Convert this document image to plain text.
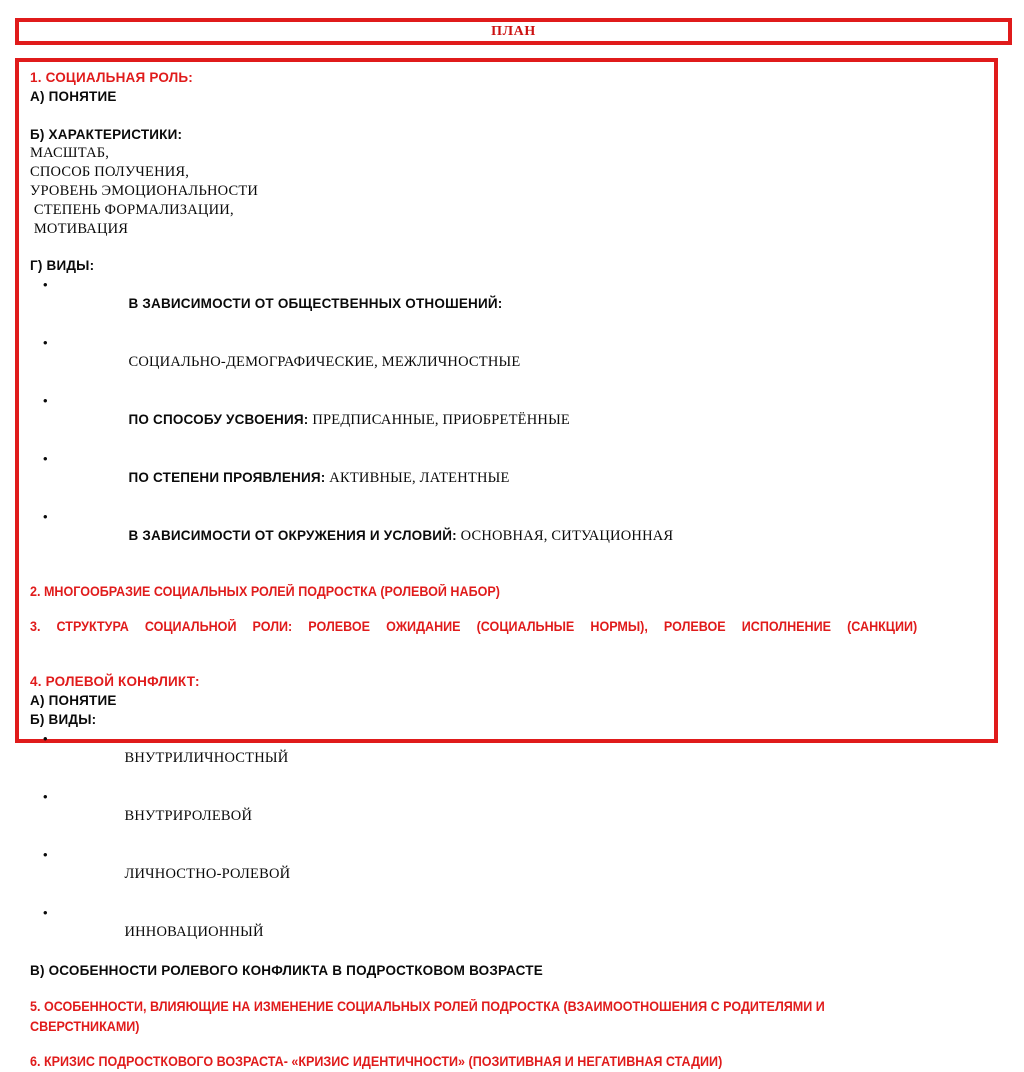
ПЛАН
1. СОЦИАЛЬНАЯ РОЛЬ:
А) ПОНЯТИЕ
Б) ХАРАКТЕРИСТИКИ:
МАСШТАБ,
СПОСОБ ПОЛУЧЕНИЯ,
УРОВЕНЬ ЭМОЦИОНАЛЬНОСТИ
СТЕПЕНЬ ФОРМАЛИЗАЦИИ,
МОТИВАЦИЯ
Г) ВИДЫ:

•
В ЗАВИСИМОСТИ ОТ ОБЩЕСТВЕННЫХ ОТНОШЕНИЙ:

•
СОЦИАЛЬНО-ДЕМОГРАФИЧЕСКИЕ, МЕЖЛИЧНОСТНЫЕ

•
ПО СПОСОБУ УСВОЕНИЯ: ПРЕДПИСАННЫЕ, ПРИОБРЕТЁННЫЕ

•
ПО СТЕПЕНИ ПРОЯВЛЕНИЯ: АКТИВНЫЕ, ЛАТЕНТНЫЕ

•
В ЗАВИСИМОСТИ ОТ ОКРУЖЕНИЯ И УСЛОВИЙ: ОСНОВНАЯ, СИТУАЦИОННАЯ

2. МНОГООБРАЗИЕ СОЦИАЛЬНЫХ РОЛЕЙ ПОДРОСТКА (РОЛЕВОЙ НАБОР)
3. СТРУКТУРА СОЦИАЛЬНОЙ РОЛИ: РОЛЕВОЕ ОЖИДАНИЕ (СОЦИАЛЬНЫЕ НОРМЫ), РОЛЕВОЕ ИСПОЛНЕНИЕ (САНКЦИИ)
4. РОЛЕВОЙ КОНФЛИКТ:
А) ПОНЯТИЕ
Б) ВИДЫ:

•
ВНУТРИЛИЧНОСТНЫЙ

•
ВНУТРИРОЛЕВОЙ

•
ЛИЧНОСТНО-РОЛЕВОЙ

•
ИННОВАЦИОННЫЙ

В) ОСОБЕННОСТИ РОЛЕВОГО КОНФЛИКТА В ПОДРОСТКОВОМ ВОЗРАСТЕ
5. ОСОБЕННОСТИ, ВЛИЯЮЩИЕ НА ИЗМЕНЕНИЕ СОЦИАЛЬНЫХ РОЛЕЙ ПОДРОСТКА (ВЗАИМООТНОШЕНИЯ С РОДИТЕЛЯМИ И СВЕРСТНИКАМИ)
6. КРИЗИС ПОДРОСТКОВОГО ВОЗРАСТА- «КРИЗИС ИДЕНТИЧНОСТИ» (ПОЗИТИВНАЯ И НЕГАТИВНАЯ СТАДИИ)
